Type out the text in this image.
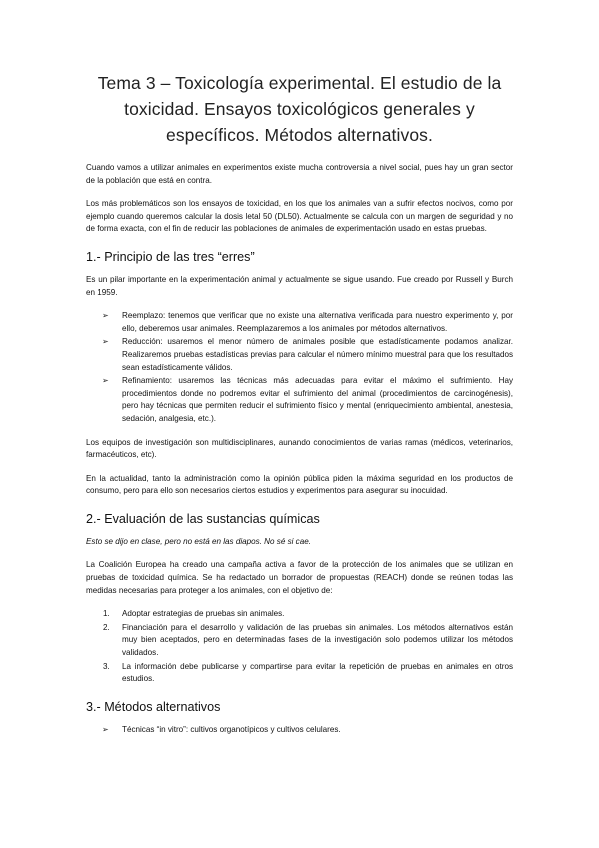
Tema 3 – Toxicología experimental. El estudio de la toxicidad. Ensayos toxicológicos generales y específicos. Métodos alternativos.

Cuando vamos a utilizar animales en experimentos existe mucha controversia a nivel social, pues hay un gran sector de la población que está en contra.

Los más problemáticos son los ensayos de toxicidad, en los que los animales van a sufrir efectos nocivos, como por ejemplo cuando queremos calcular la dosis letal 50 (DL50). Actualmente se calcula con un margen de seguridad y no de forma exacta, con el fin de reducir las poblaciones de animales de experimentación usado en estas pruebas.

1.- Principio de las tres “erres”

Es un pilar importante en la experimentación animal y actualmente se sigue usando. Fue creado por Russell y Burch en 1959.

➢ Reemplazo: tenemos que verificar que no existe una alternativa verificada para nuestro experimento y, por ello, deberemos usar animales. Reemplazaremos a los animales por métodos alternativos.
➢ Reducción: usaremos el menor número de animales posible que estadísticamente podamos analizar. Realizaremos pruebas estadísticas previas para calcular el número mínimo muestral para que los resultados sean estadísticamente válidos.
➢ Refinamiento: usaremos las técnicas más adecuadas para evitar el máximo el sufrimiento. Hay procedimientos donde no podremos evitar el sufrimiento del animal (procedimientos de carcinogénesis), pero hay técnicas que permiten reducir el sufrimiento físico y mental (enriquecimiento ambiental, anestesia, sedación, analgesia, etc.).

Los equipos de investigación son multidisciplinares, aunando conocimientos de varias ramas (médicos, veterinarios, farmacéuticos, etc).

En la actualidad, tanto la administración como la opinión pública piden la máxima seguridad en los productos de consumo, pero para ello son necesarios ciertos estudios y experimentos para asegurar su inocuidad.

2.- Evaluación de las sustancias químicas

Esto se dijo en clase, pero no está en las diapos. No sé si cae.

La Coalición Europea ha creado una campaña activa a favor de la protección de los animales que se utilizan en pruebas de toxicidad química. Se ha redactado un borrador de propuestas (REACH) donde se reúnen todas las medidas necesarias para proteger a los animales, con el objetivo de:

1. Adoptar estrategias de pruebas sin animales.
2. Financiación para el desarrollo y validación de las pruebas sin animales. Los métodos alternativos están muy bien aceptados, pero en determinadas fases de la investigación solo podemos utilizar los métodos validados.
3. La información debe publicarse y compartirse para evitar la repetición de pruebas en animales en otros estudios.
3.- Métodos alternativos
➢ Técnicas “in vitro”: cultivos organotípicos y cultivos celulares.
